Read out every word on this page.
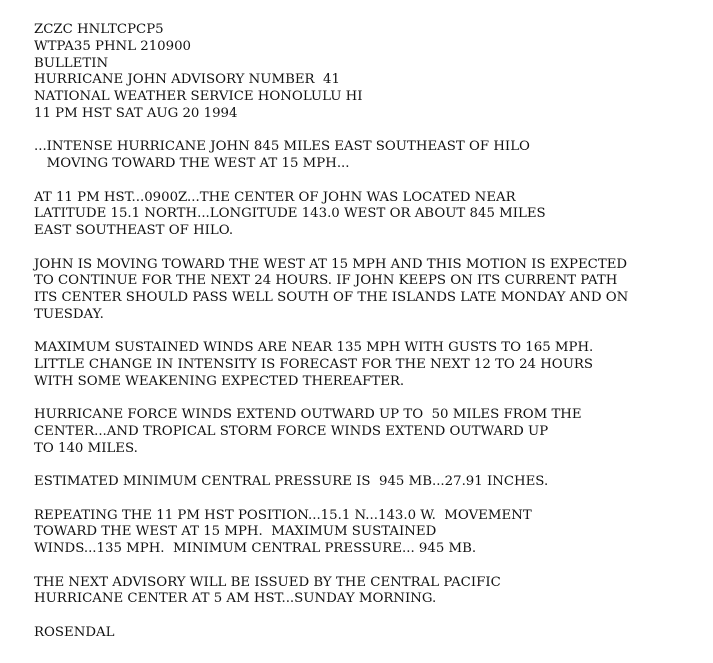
ZCZC HNLTCPCP5
WTPA35 PHNL 210900
BULLETIN
HURRICANE JOHN ADVISORY NUMBER  41
NATIONAL WEATHER SERVICE HONOLULU HI
11 PM HST SAT AUG 20 1994
...INTENSE HURRICANE JOHN 845 MILES EAST SOUTHEAST OF HILO
MOVING TOWARD THE WEST AT 15 MPH...
AT 11 PM HST...0900Z...THE CENTER OF JOHN WAS LOCATED NEAR
LATITUDE 15.1 NORTH...LONGITUDE 143.0 WEST OR ABOUT 845 MILES
EAST SOUTHEAST OF HILO.
JOHN IS MOVING TOWARD THE WEST AT 15 MPH AND THIS MOTION IS EXPECTED
TO CONTINUE FOR THE NEXT 24 HOURS. IF JOHN KEEPS ON ITS CURRENT PATH
ITS CENTER SHOULD PASS WELL SOUTH OF THE ISLANDS LATE MONDAY AND ON
TUESDAY.
MAXIMUM SUSTAINED WINDS ARE NEAR 135 MPH WITH GUSTS TO 165 MPH.
LITTLE CHANGE IN INTENSITY IS FORECAST FOR THE NEXT 12 TO 24 HOURS
WITH SOME WEAKENING EXPECTED THEREAFTER.
HURRICANE FORCE WINDS EXTEND OUTWARD UP TO  50 MILES FROM THE
CENTER...AND TROPICAL STORM FORCE WINDS EXTEND OUTWARD UP
TO 140 MILES.
ESTIMATED MINIMUM CENTRAL PRESSURE IS  945 MB...27.91 INCHES.
REPEATING THE 11 PM HST POSITION...15.1 N...143.0 W.  MOVEMENT
TOWARD THE WEST AT 15 MPH.  MAXIMUM SUSTAINED
WINDS...135 MPH.  MINIMUM CENTRAL PRESSURE... 945 MB.
THE NEXT ADVISORY WILL BE ISSUED BY THE CENTRAL PACIFIC
HURRICANE CENTER AT 5 AM HST...SUNDAY MORNING.
ROSENDAL
